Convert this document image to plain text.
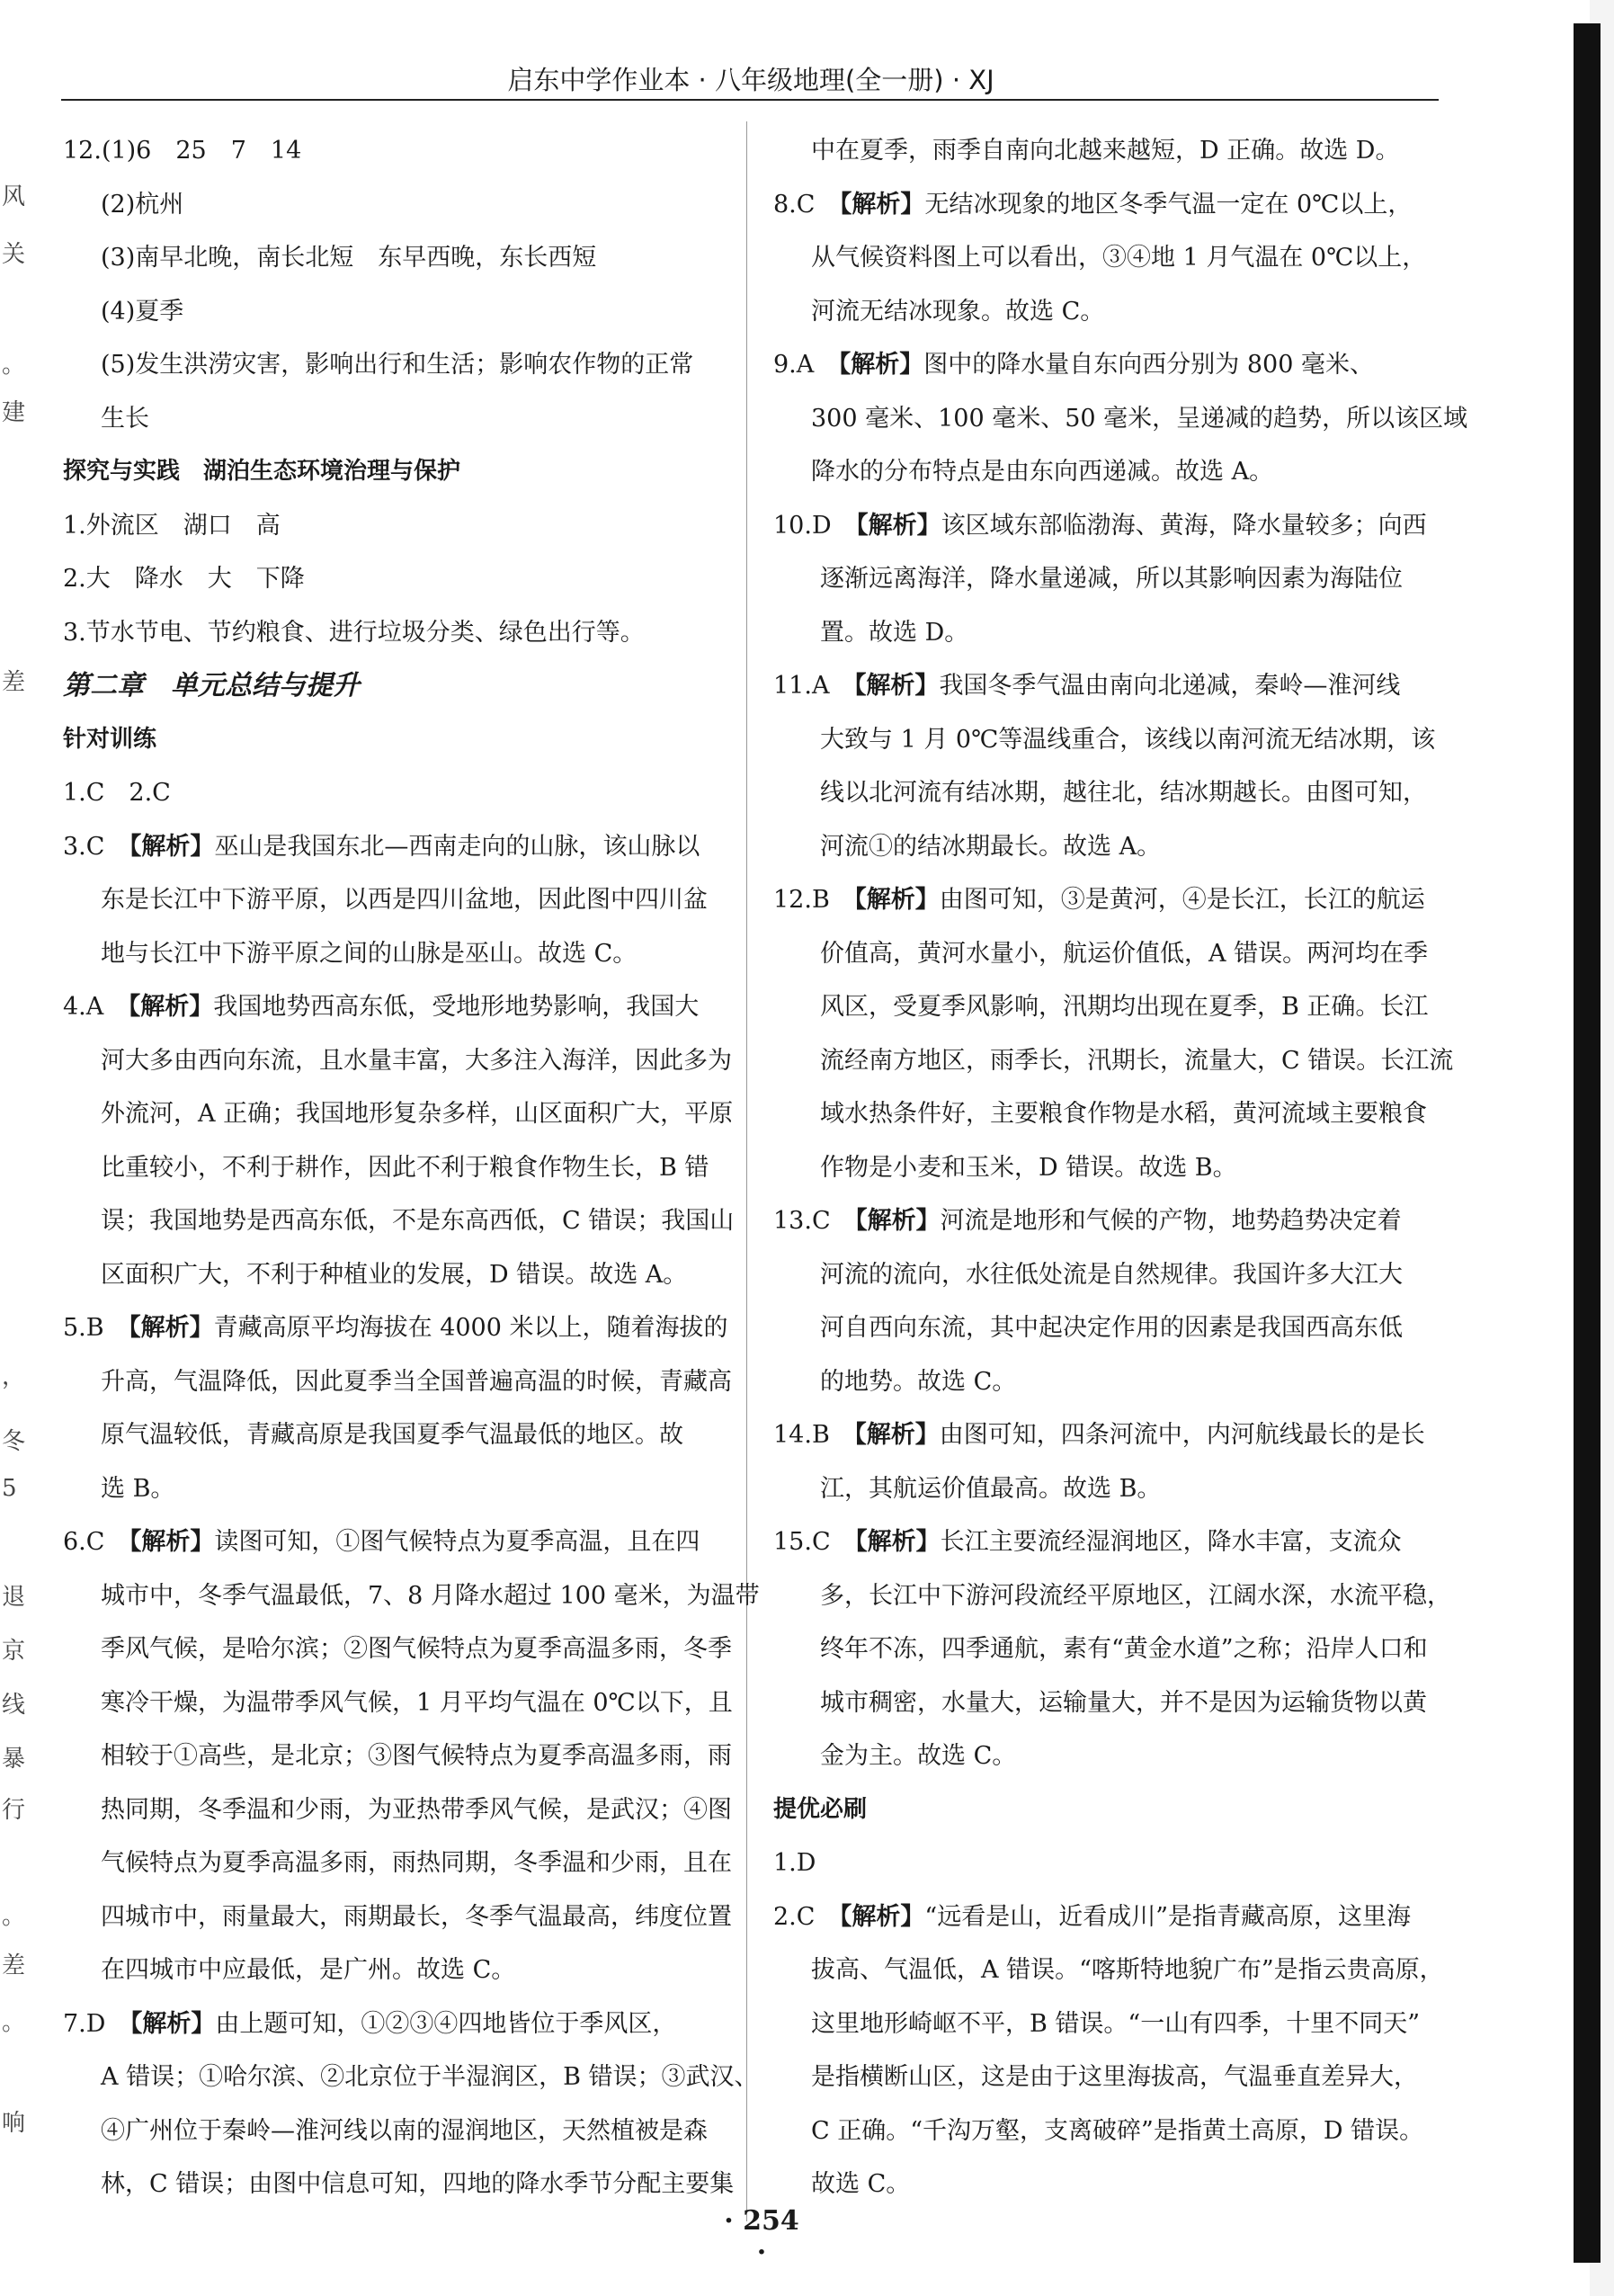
风
关
。
建
差
，
冬
5
退
京
线
暴
行
。
差
。
响
启东中学作业本 · 八年级地理(全一册) · XJ
12.(1)6　25　7　14
(2)杭州
(3)南早北晚，南长北短　东早西晚，东长西短
(4)夏季
(5)发生洪涝灾害，影响出行和生活；影响农作物的正常
生长
探究与实践　湖泊生态环境治理与保护
1.外流区　湖口　高
2.大　降水　大　下降
3.节水节电、节约粮食、进行垃圾分类、绿色出行等。
第二章　单元总结与提升
针对训练
1.C　2.C
3.C 【解析】巫山是我国东北—西南走向的山脉，该山脉以
东是长江中下游平原，以西是四川盆地，因此图中四川盆
地与长江中下游平原之间的山脉是巫山。故选 C。
4.A 【解析】我国地势西高东低，受地形地势影响，我国大
河大多由西向东流，且水量丰富，大多注入海洋，因此多为
外流河，A 正确；我国地形复杂多样，山区面积广大，平原
比重较小，不利于耕作，因此不利于粮食作物生长，B 错
误；我国地势是西高东低，不是东高西低，C 错误；我国山
区面积广大，不利于种植业的发展，D 错误。故选 A。
5.B 【解析】青藏高原平均海拔在 4000 米以上，随着海拔的
升高，气温降低，因此夏季当全国普遍高温的时候，青藏高
原气温较低，青藏高原是我国夏季气温最低的地区。故
选 B。
6.C 【解析】读图可知，①图气候特点为夏季高温，且在四
城市中，冬季气温最低，7、8 月降水超过 100 毫米，为温带
季风气候，是哈尔滨；②图气候特点为夏季高温多雨，冬季
寒冷干燥，为温带季风气候，1 月平均气温在 0℃以下，且
相较于①高些，是北京；③图气候特点为夏季高温多雨，雨
热同期，冬季温和少雨，为亚热带季风气候，是武汉；④图
气候特点为夏季高温多雨，雨热同期，冬季温和少雨，且在
四城市中，雨量最大，雨期最长，冬季气温最高，纬度位置
在四城市中应最低，是广州。故选 C。
7.D 【解析】由上题可知，①②③④四地皆位于季风区，
A 错误；①哈尔滨、②北京位于半湿润区，B 错误；③武汉、
④广州位于秦岭—淮河线以南的湿润地区，天然植被是森
林，C 错误；由图中信息可知，四地的降水季节分配主要集
中在夏季，雨季自南向北越来越短，D 正确。故选 D。
8.C 【解析】无结冰现象的地区冬季气温一定在 0℃以上，
从气候资料图上可以看出，③④地 1 月气温在 0℃以上，
河流无结冰现象。故选 C。
9.A 【解析】图中的降水量自东向西分别为 800 毫米、
300 毫米、100 毫米、50 毫米，呈递减的趋势，所以该区域
降水的分布特点是由东向西递减。故选 A。
10.D 【解析】该区域东部临渤海、黄海，降水量较多；向西
逐渐远离海洋，降水量递减，所以其影响因素为海陆位
置。故选 D。
11.A 【解析】我国冬季气温由南向北递减，秦岭—淮河线
大致与 1 月 0℃等温线重合，该线以南河流无结冰期，该
线以北河流有结冰期，越往北，结冰期越长。由图可知，
河流①的结冰期最长。故选 A。
12.B 【解析】由图可知，③是黄河，④是长江，长江的航运
价值高，黄河水量小，航运价值低，A 错误。两河均在季
风区，受夏季风影响，汛期均出现在夏季，B 正确。长江
流经南方地区，雨季长，汛期长，流量大，C 错误。长江流
域水热条件好，主要粮食作物是水稻，黄河流域主要粮食
作物是小麦和玉米，D 错误。故选 B。
13.C 【解析】河流是地形和气候的产物，地势趋势决定着
河流的流向，水往低处流是自然规律。我国许多大江大
河自西向东流，其中起决定作用的因素是我国西高东低
的地势。故选 C。
14.B 【解析】由图可知，四条河流中，内河航线最长的是长
江，其航运价值最高。故选 B。
15.C 【解析】长江主要流经湿润地区，降水丰富，支流众
多，长江中下游河段流经平原地区，江阔水深，水流平稳，
终年不冻，四季通航，素有“黄金水道”之称；沿岸人口和
城市稠密，水量大，运输量大，并不是因为运输货物以黄
金为主。故选 C。
提优必刷
1.D
2.C 【解析】“远看是山，近看成川”是指青藏高原，这里海
拔高、气温低，A 错误。“喀斯特地貌广布”是指云贵高原，
这里地形崎岖不平，B 错误。“一山有四季，十里不同天”
是指横断山区，这是由于这里海拔高，气温垂直差异大，
C 正确。“千沟万壑，支离破碎”是指黄土高原，D 错误。
故选 C。
· 254 ·
